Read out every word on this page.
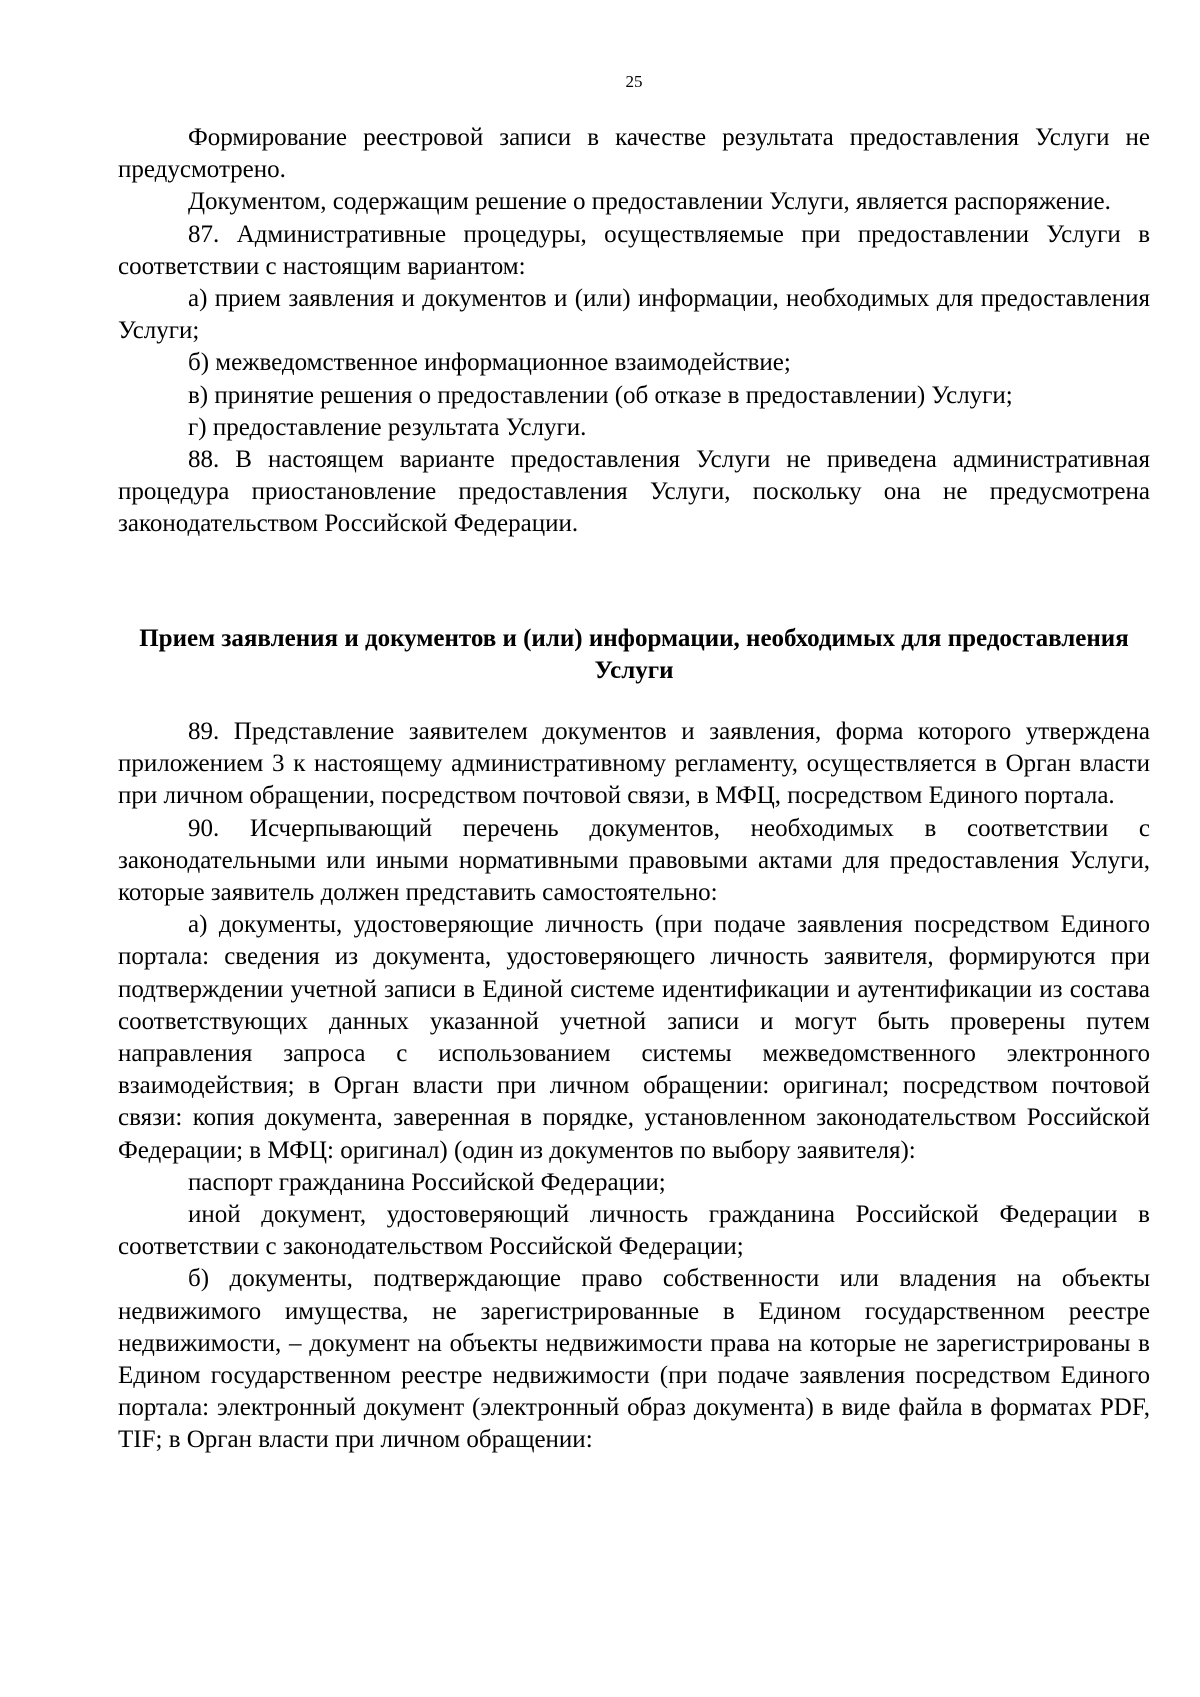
25

Формирование реестровой записи в качестве результата предоставления Услуги не предусмотрено.

Документом, содержащим решение о предоставлении Услуги, является распоряжение.

87. Административные процедуры, осуществляемые при предоставлении Услуги в соответствии с настоящим вариантом:

а) прием заявления и документов и (или) информации, необходимых для предоставления Услуги;

б) межведомственное информационное взаимодействие;

в) принятие решения о предоставлении (об отказе в предоставлении) Услуги;

г) предоставление результата Услуги.

88. В настоящем варианте предоставления Услуги не приведена административная процедура приостановление предоставления Услуги, поскольку она не предусмотрена законодательством Российской Федерации.

Прием заявления и документов и (или) информации, необходимых для предоставления Услуги

89. Представление заявителем документов и заявления, форма которого утверждена приложением 3 к настоящему административному регламенту, осуществляется в Орган власти при личном обращении, посредством почтовой связи, в МФЦ, посредством Единого портала.

90. Исчерпывающий перечень документов, необходимых в соответствии с законодательными или иными нормативными правовыми актами для предоставления Услуги, которые заявитель должен представить самостоятельно:

а) документы, удостоверяющие личность (при подаче заявления посредством Единого портала: сведения из документа, удостоверяющего личность заявителя, формируются при подтверждении учетной записи в Единой системе идентификации и аутентификации из состава соответствующих данных указанной учетной записи и могут быть проверены путем направления запроса с использованием системы межведомственного электронного взаимодействия; в Орган власти при личном обращении: оригинал; посредством почтовой связи: копия документа, заверенная в порядке, установленном законодательством Российской Федерации; в МФЦ: оригинал) (один из документов по выбору заявителя):

паспорт гражданина Российской Федерации;

иной документ, удостоверяющий личность гражданина Российской Федерации в соответствии с законодательством Российской Федерации;

б) документы, подтверждающие право собственности или владения на объекты недвижимого имущества, не зарегистрированные в Едином государственном реестре недвижимости, – документ на объекты недвижимости права на которые не зарегистрированы в Едином государственном реестре недвижимости (при подаче заявления посредством Единого портала: электронный документ (электронный образ документа) в виде файла в форматах PDF, TIF; в Орган власти при личном обращении:
